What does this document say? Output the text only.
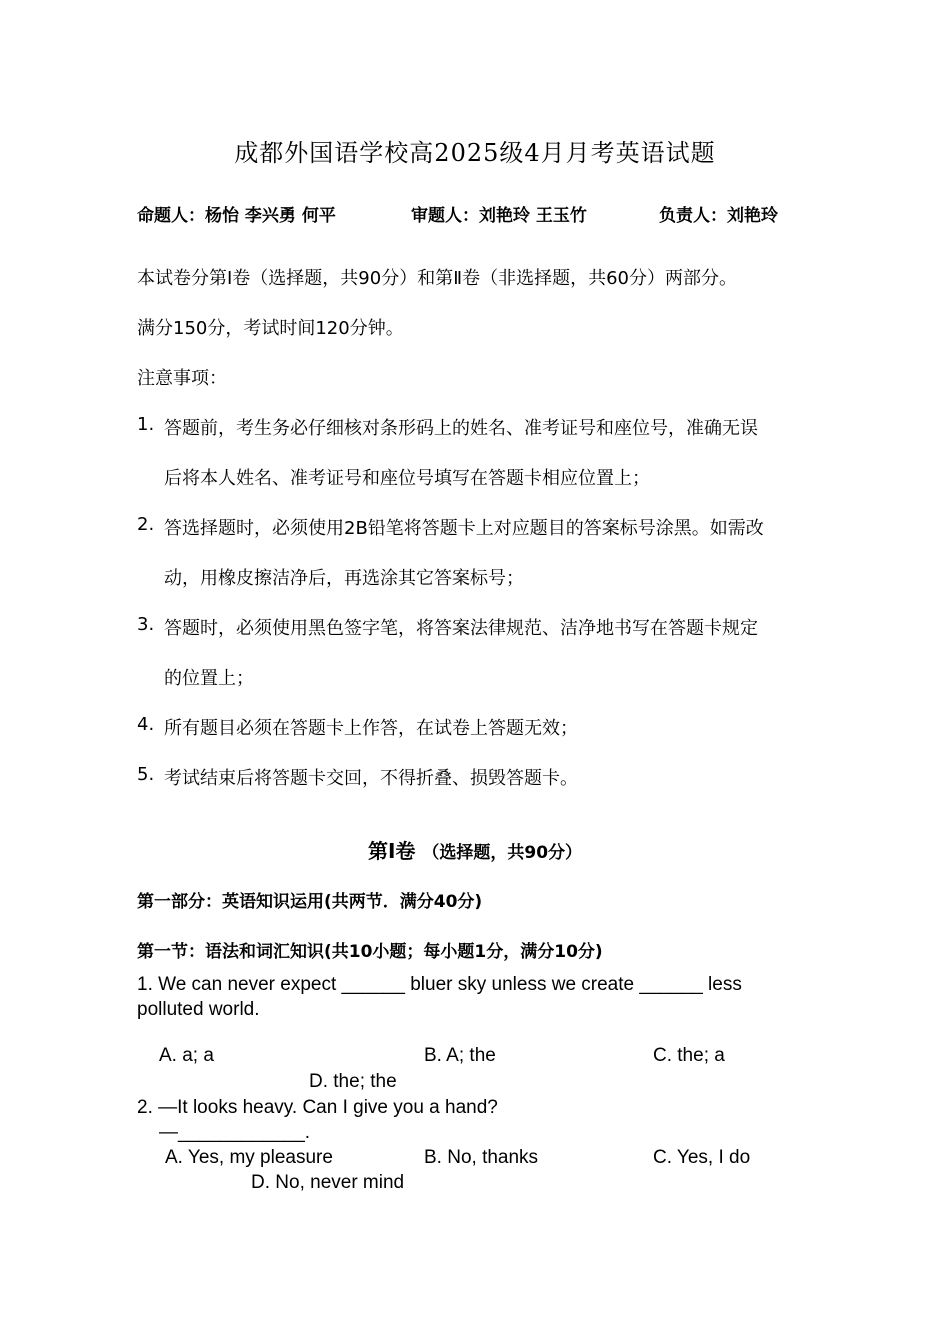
成都外国语学校高2025级4月月考英语试题
命题人：杨怡 李兴勇 何平	审题人：刘艳玲 王玉竹	负责人：刘艳玲
本试卷分第Ⅰ卷（选择题，共90分）和第Ⅱ卷（非选择题，共60分）两部分。
满分150分，考试时间120分钟。
注意事项：
1. 答题前，考生务必仔细核对条形码上的姓名、准考证号和座位号，准确无误
后将本人姓名、准考证号和座位号填写在答题卡相应位置上；
2. 答选择题时，必须使用2B铅笔将答题卡上对应题目的答案标号涂黑。如需改
动，用橡皮擦洁净后，再选涂其它答案标号；
3. 答题时，必须使用黑色签字笔，将答案法律规范、洁净地书写在答题卡规定
的位置上；
4. 所有题目必须在答题卡上作答，在试卷上答题无效；
5. 考试结束后将答题卡交回，不得折叠、损毁答题卡。
第Ⅰ卷 （选择题，共90分）
第一部分：英语知识运用(共两节．满分40分)
第一节：语法和词汇知识(共10小题；每小题1分，满分10分)
1. We can never expect ______ bluer sky unless we create ______ less
polluted world.
A. a; a	B. A; the	C. the; a
D. the; the
2. —It looks heavy. Can I give you a hand?
—____________.
A. Yes, my pleasure	B. No, thanks	C. Yes, I do
D. No, never mind
